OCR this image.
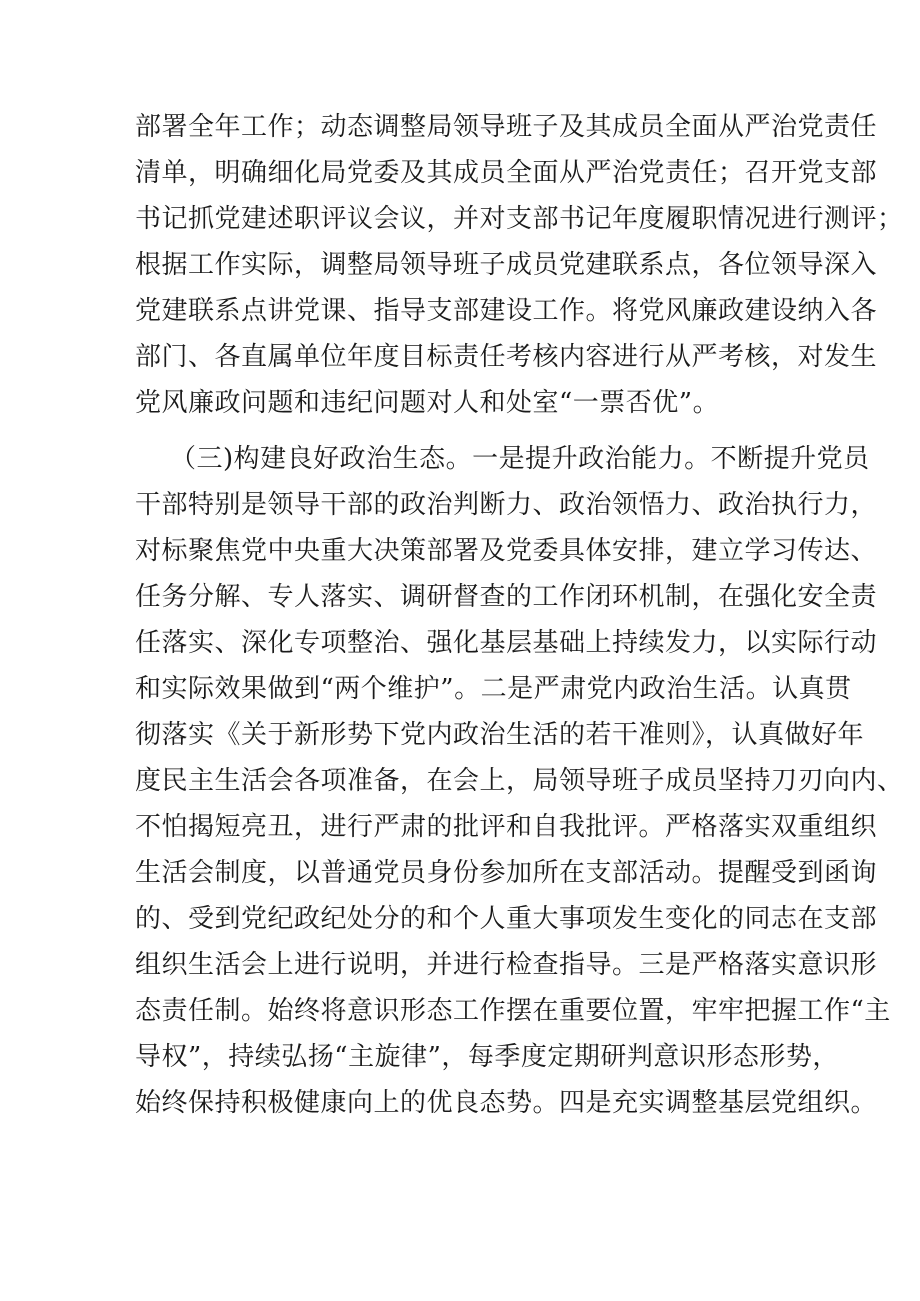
部署全年工作；动态调整局领导班子及其成员全面从严治党责任
清单，明确细化局党委及其成员全面从严治党责任；召开党支部
书记抓党建述职评议会议，并对支部书记年度履职情况进行测评；
根据工作实际，调整局领导班子成员党建联系点，各位领导深入
党建联系点讲党课、指导支部建设工作。将党风廉政建设纳入各
部门、各直属单位年度目标责任考核内容进行从严考核，对发生
党风廉政问题和违纪问题对人和处室“一票否优”。
（三)构建良好政治生态。一是提升政治能力。不断提升党员
干部特别是领导干部的政治判断力、政治领悟力、政治执行力，
对标聚焦党中央重大决策部署及党委具体安排，建立学习传达、
任务分解、专人落实、调研督查的工作闭环机制，在强化安全责
任落实、深化专项整治、强化基层基础上持续发力，以实际行动
和实际效果做到“两个维护”。二是严肃党内政治生活。认真贯
彻落实《关于新形势下党内政治生活的若干准则》，认真做好年
度民主生活会各项准备，在会上，局领导班子成员坚持刀刃向内、
不怕揭短亮丑，进行严肃的批评和自我批评。严格落实双重组织
生活会制度，以普通党员身份参加所在支部活动。提醒受到函询
的、受到党纪政纪处分的和个人重大事项发生变化的同志在支部
组织生活会上进行说明，并进行检查指导。三是严格落实意识形
态责任制。始终将意识形态工作摆在重要位置，牢牢把握工作“主
导权”，持续弘扬“主旋律”，每季度定期研判意识形态形势，
始终保持积极健康向上的优良态势。四是充实调整基层党组织。
